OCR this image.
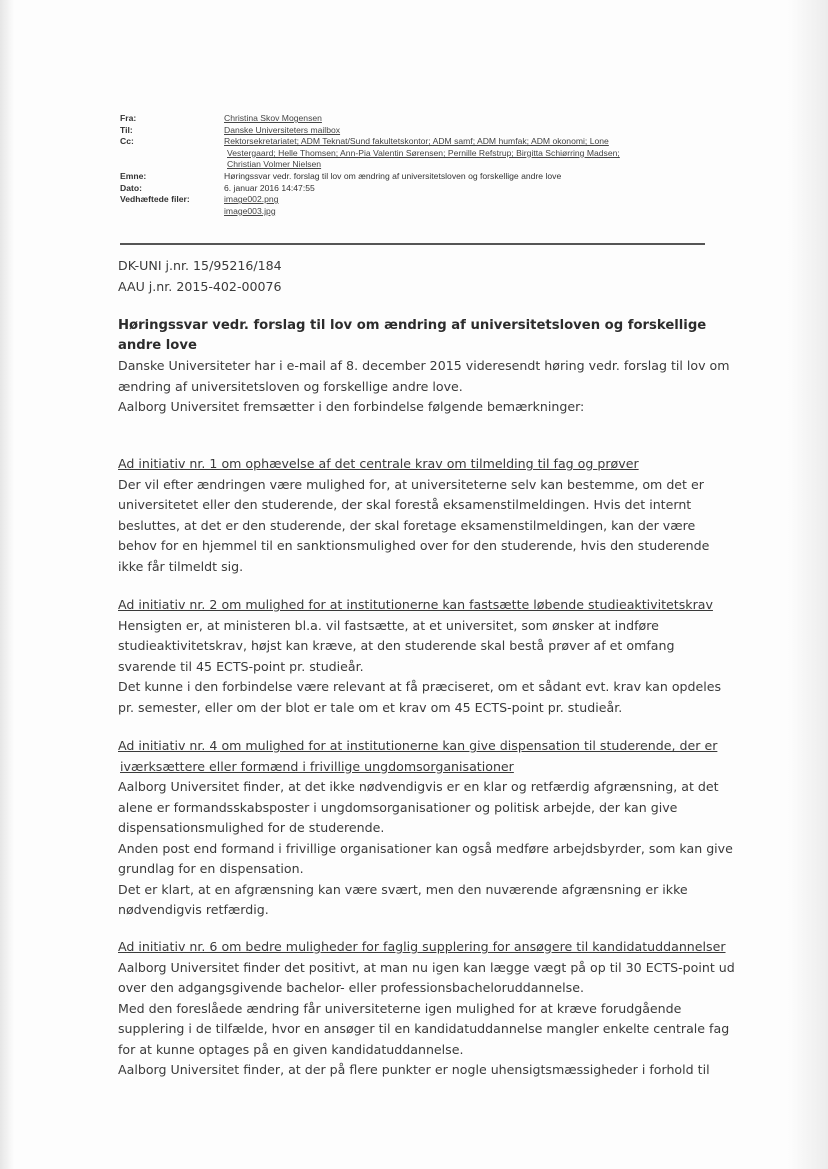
Fra:	Christina Skov Mogensen
Til:	Danske Universiteters mailbox
Cc:	Rektorsekretariatet; ADM Teknat/Sund fakultetskontor; ADM samf; ADM humfak; ADM okonomi; Lone
Vestergaard; Helle Thomsen; Ann-Pia Valentin Sørensen; Pernille Refstrup; Birgitta Schiørring Madsen;
Christian Volmer Nielsen
Emne:	Høringssvar vedr. forslag til lov om ændring af universitetsloven og forskellige andre love
Dato:	6. januar 2016 14:47:55
Vedhæftede filer:	image002.png
image003.jpg
DK-UNI j.nr. 15/95216/184
AAU j.nr. 2015-402-00076
Høringssvar vedr. forslag til lov om ændring af universitetsloven og forskellige andre love
Danske Universiteter har i e-mail af 8. december 2015 videresendt høring vedr. forslag til lov om
ændring af universitetsloven og forskellige andre love.
Aalborg Universitet fremsætter i den forbindelse følgende bemærkninger:
Ad initiativ nr. 1 om ophævelse af det centrale krav om tilmelding til fag og prøver
Der vil efter ændringen være mulighed for, at universiteterne selv kan bestemme, om det er
universitetet eller den studerende, der skal forestå eksamenstilmeldingen. Hvis det internt
besluttes, at det er den studerende, der skal foretage eksamenstilmeldingen, kan der være
behov for en hjemmel til en sanktionsmulighed over for den studerende, hvis den studerende
ikke får tilmeldt sig.
Ad initiativ nr. 2 om mulighed for at institutionerne kan fastsætte løbende studieaktivitetskrav
Hensigten er, at ministeren bl.a. vil fastsætte, at et universitet, som ønsker at indføre
studieaktivitetskrav, højst kan kræve, at den studerende skal bestå prøver af et omfang
svarende til 45 ECTS-point pr. studieår.
Det kunne i den forbindelse være relevant at få præciseret, om et sådant evt. krav kan opdeles
pr. semester, eller om der blot er tale om et krav om 45 ECTS-point pr. studieår.
Ad initiativ nr. 4 om mulighed for at institutionerne kan give dispensation til studerende, der er
iværksættere eller formænd i frivillige ungdomsorganisationer
Aalborg Universitet finder, at det ikke nødvendigvis er en klar og retfærdig afgrænsning, at det
alene er formandsskabsposter i ungdomsorganisationer og politisk arbejde, der kan give
dispensationsmulighed for de studerende.
Anden post end formand i frivillige organisationer kan også medføre arbejdsbyrder, som kan give
grundlag for en dispensation.
Det er klart, at en afgrænsning kan være svært, men den nuværende afgrænsning er ikke
nødvendigvis retfærdig.
Ad initiativ nr. 6 om bedre muligheder for faglig supplering for ansøgere til kandidatuddannelser
Aalborg Universitet finder det positivt, at man nu igen kan lægge vægt på op til 30 ECTS-point ud
over den adgangsgivende bachelor- eller professionsbacheloruddannelse.
Med den foreslåede ændring får universiteterne igen mulighed for at kræve forudgående
supplering i de tilfælde, hvor en ansøger til en kandidatuddannelse mangler enkelte centrale fag
for at kunne optages på en given kandidatuddannelse.
Aalborg Universitet finder, at der på flere punkter er nogle uhensigtsmæssigheder i forhold til
